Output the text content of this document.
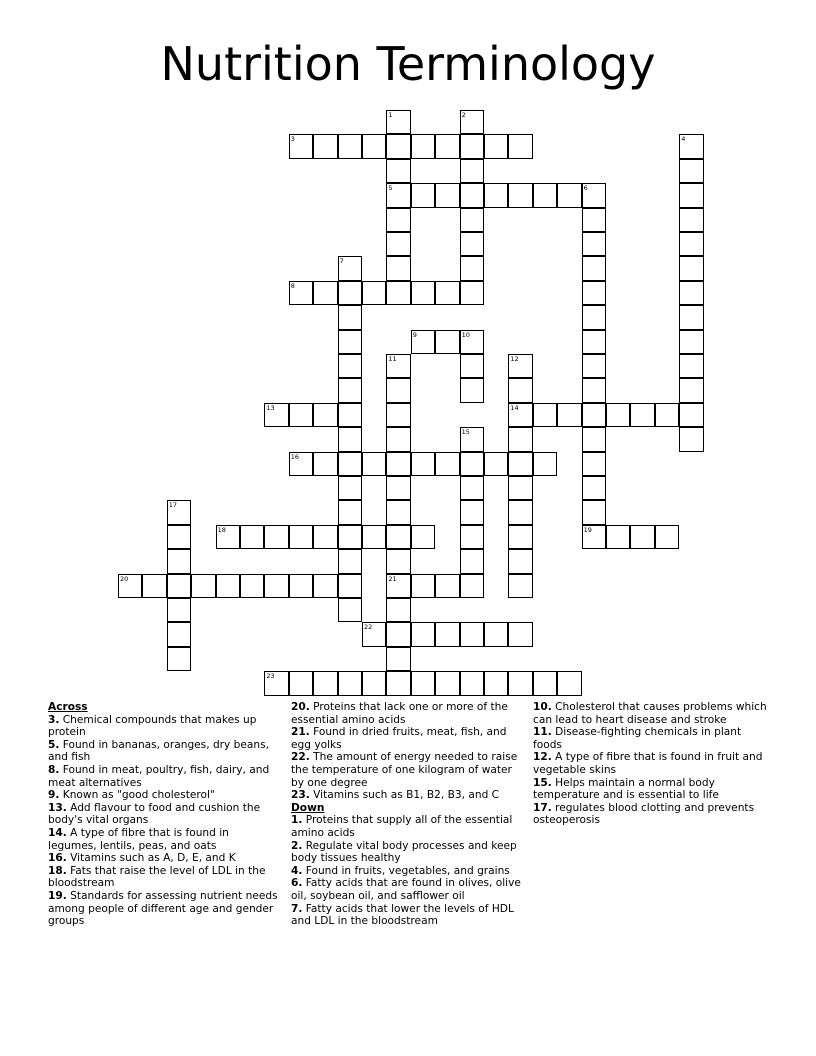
Nutrition Terminology
1
5
2
3	4
6
19
7
8
9	10
11
21
12
14
13
15
16
17
18
20
22
23
Across
3. Chemical compounds that makes up protein
5. Found in bananas, oranges, dry beans, and fish
8. Found in meat, poultry, fish, dairy, and meat alternatives
9. Known as "good cholesterol"
13. Add flavour to food and cushion the body's vital organs
14. A type of fibre that is found in legumes, lentils, peas, and oats
16. Vitamins such as A, D, E, and K
18. Fats that raise the level of LDL in the bloodstream
19. Standards for assessing nutrient needs among people of different age and gender groups
20. Proteins that lack one or more of the essential amino acids
21. Found in dried fruits, meat, fish, and egg yolks
22. The amount of energy needed to raise the temperature of one kilogram of water by one degree
23. Vitamins such as B1, B2, B3, and C
Down
1. Proteins that supply all of the essential amino acids
2. Regulate vital body processes and keep body tissues healthy
4. Found in fruits, vegetables, and grains
6. Fatty acids that are found in olives, olive oil, soybean oil, and safflower oil
7. Fatty acids that lower the levels of HDL and LDL in the bloodstream
10. Cholesterol that causes problems which can lead to heart disease and stroke
11. Disease-fighting chemicals in plant foods
12. A type of fibre that is found in fruit and vegetable skins
15. Helps maintain a normal body temperature and is essential to life
17. regulates blood clotting and prevents osteoperosis
